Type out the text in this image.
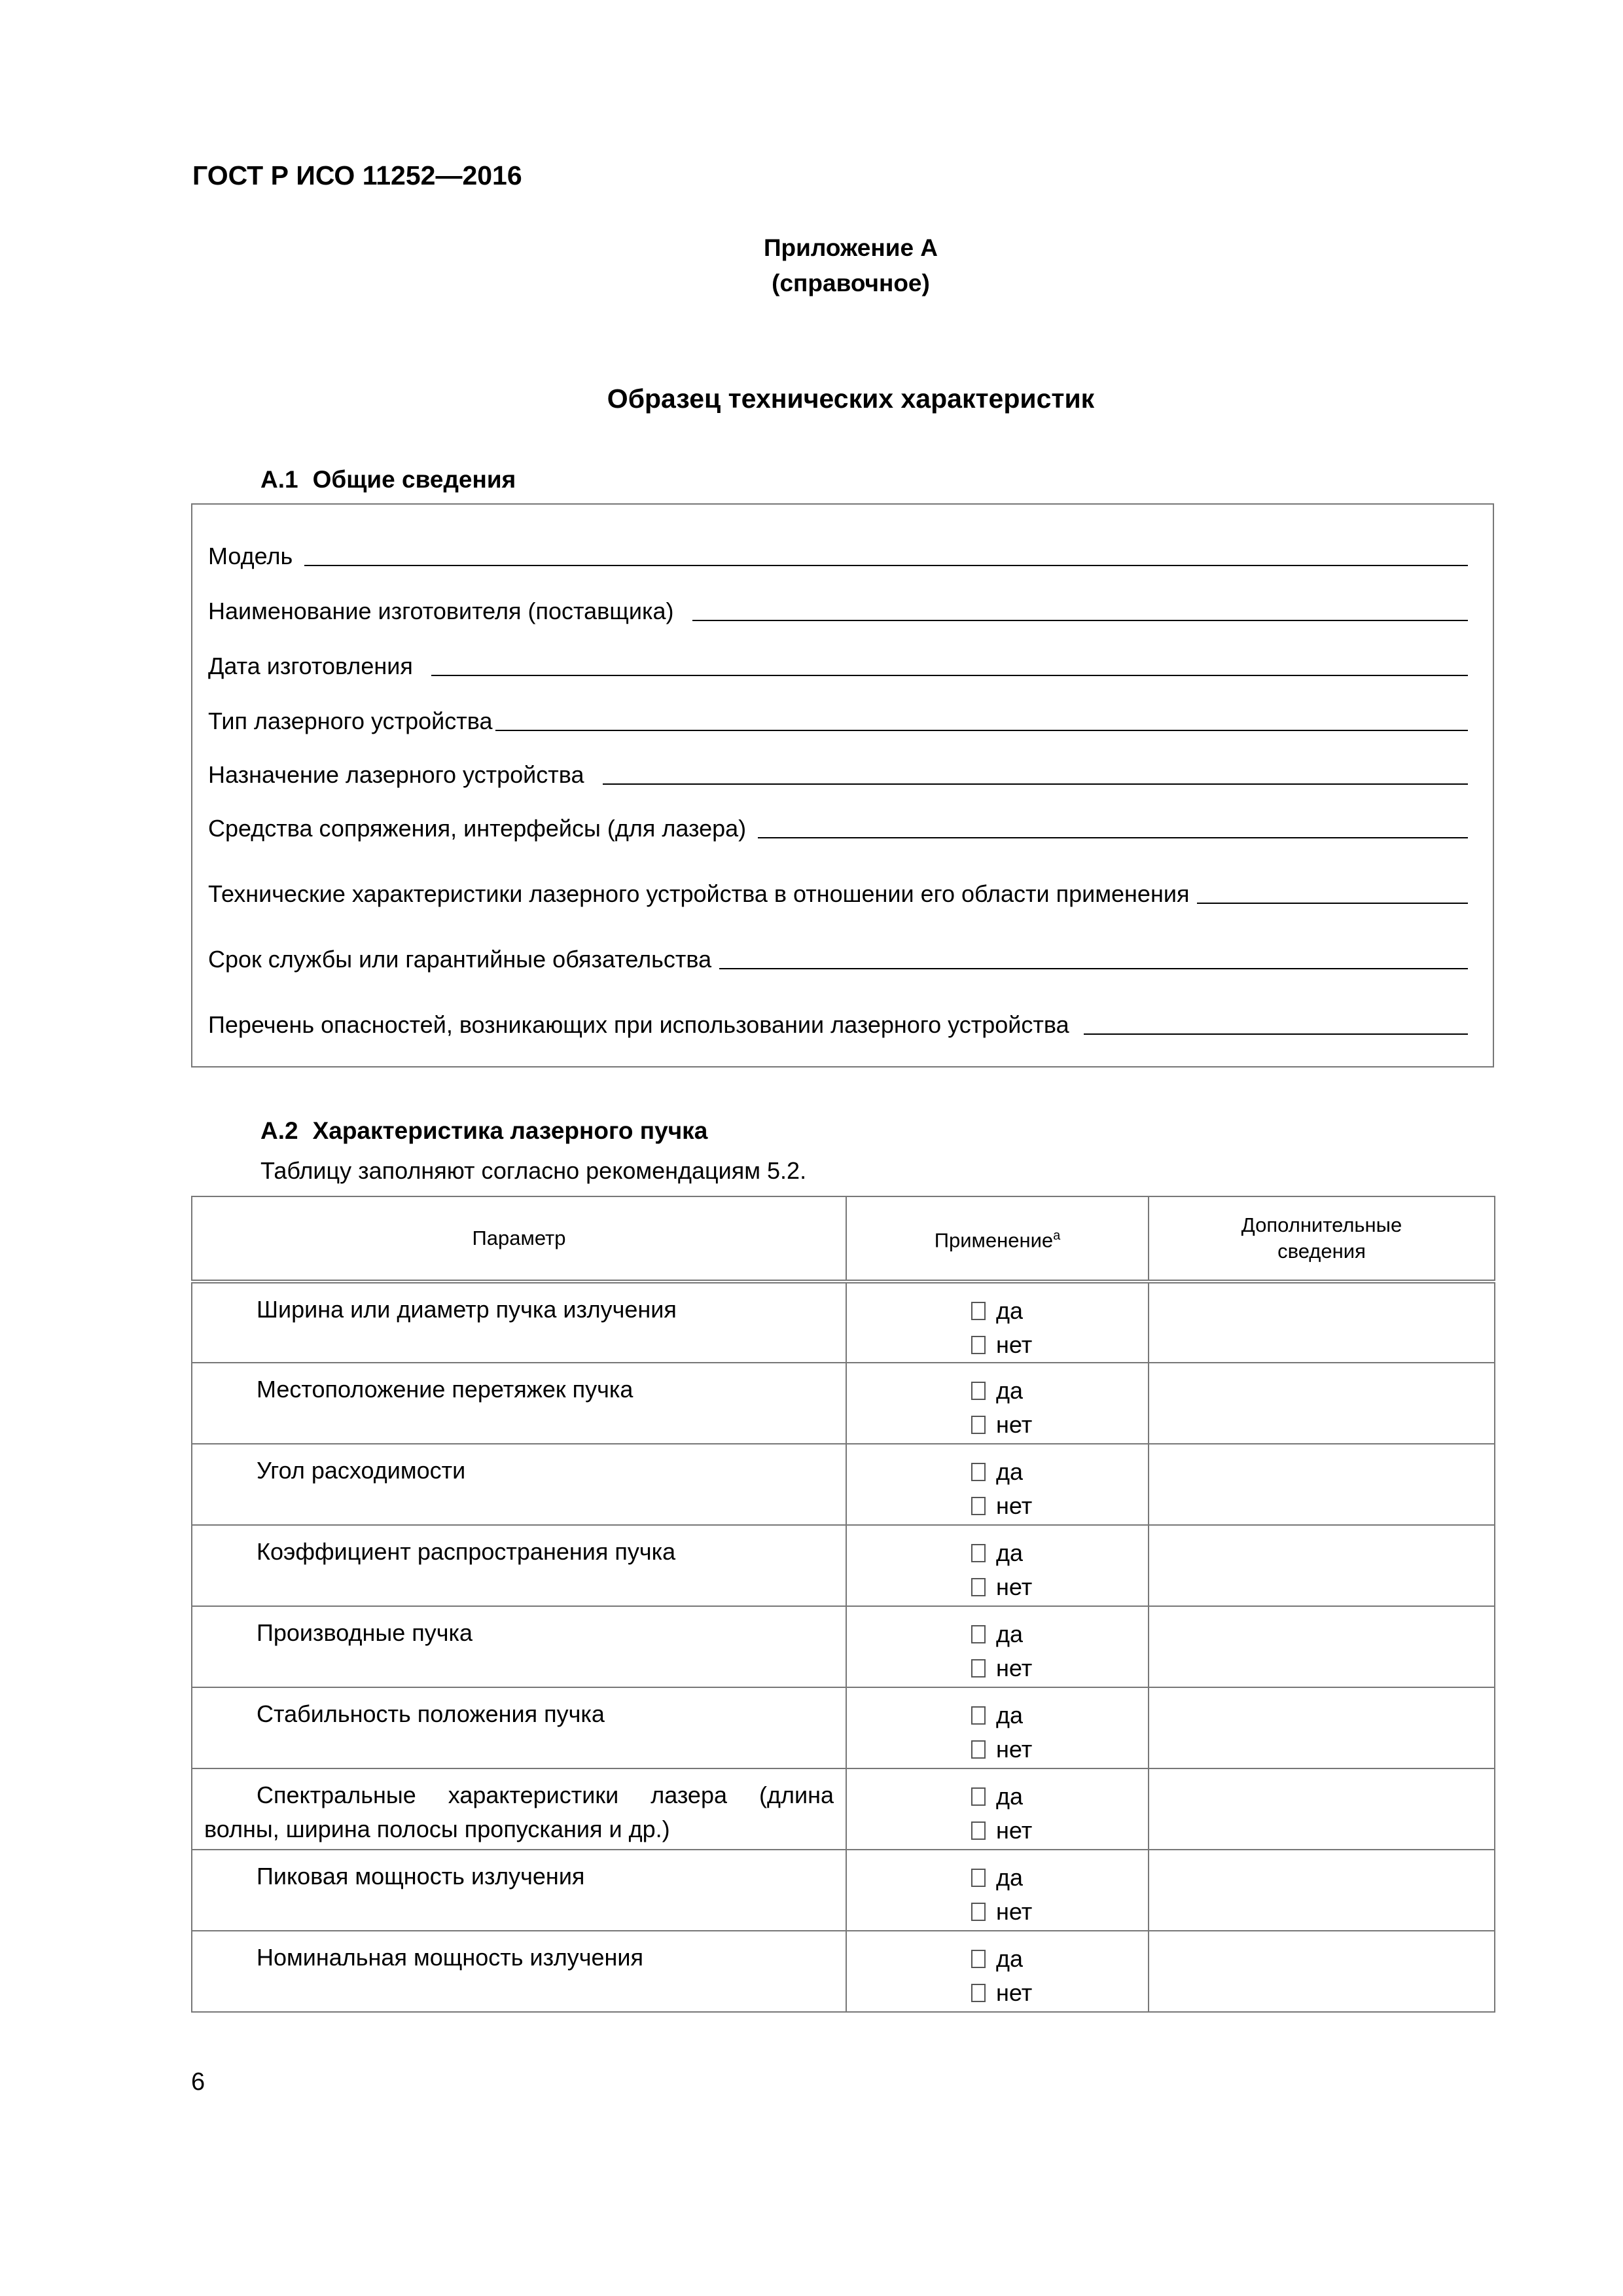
ГОСТ Р ИСО 11252—2016
Приложение А
(справочное)
Образец технических характеристик
А.1 Общие сведения
Модель
Наименование изготовителя (поставщика)
Дата изготовления
Тип лазерного устройства
Назначение лазерного устройства
Средства сопряжения, интерфейсы (для лазера)
Технические характеристики лазерного устройства в отношении его области применения
Срок службы или гарантийные обязательства
Перечень опасностей, возникающих при использовании лазерного устройства
А.2 Характеристика лазерного пучка
Таблицу заполняют согласно рекомендациям 5.2.
Параметр	Применение$^a$	Дополнительные
сведения

Ширина или диаметр пучка излучения	да
нет	

Местоположение перетяжек пучка	да
нет	

Угол расходимости	да
нет	

Коэффициент распространения пучка	да
нет	

Производные пучка	да
нет	

Стабильность положения пучка	да
нет	

Спектральные характеристики лазера (длина волны, ширина полосы пропускания и др.)	да
нет	

Пиковая мощность излучения	да
нет	

Номинальная мощность излучения	да
нет	

6
